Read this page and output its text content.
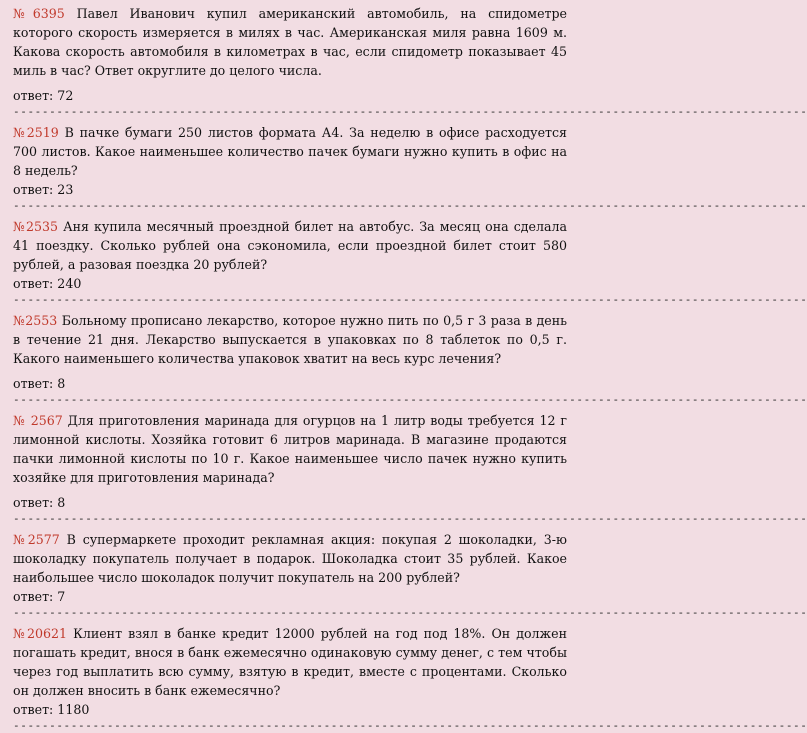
№6395 Павел Иванович купил американский автомобиль, на спидометре которого скорость измеряется в милях в час. Американская миля равна 1609 м. Какова скорость автомобиля в километрах в час, если спидометр показывает 45 миль в час? Ответ округлите до целого числа.

ответ: 72

--------------------------------------------------------------------------------------------------------------

№2519 В пачке бумаги 250 листов формата А4. За неделю в офисе расходуется 700 листов. Какое наименьшее количество пачек бумаги нужно купить в офис на 8 недель?

ответ: 23

--------------------------------------------------------------------------------------------------------------

№2535 Аня купила месячный проездной билет на автобус. За месяц она сделала 41 поездку. Сколько рублей она сэкономила, если проездной билет стоит 580 рублей, а разовая поездка 20 рублей?

ответ: 240

--------------------------------------------------------------------------------------------------------------

№2553 Больному прописано лекарство, которое нужно пить по 0,5 г 3 раза в день в течение 21 дня. Лекарство выпускается в упаковках по 8 таблеток по 0,5 г. Какого наименьшего количества упаковок хватит на весь курс лечения?

ответ: 8

--------------------------------------------------------------------------------------------------------------

№ 2567 Для приготовления маринада для огурцов на 1 литр воды требуется 12 г лимонной кислоты. Хозяйка готовит 6 литров маринада. В магазине продаются пачки лимонной кислоты по 10 г. Какое наименьшее число пачек нужно купить хозяйке для приготовления маринада?

ответ: 8

--------------------------------------------------------------------------------------------------------------

№2577 В супермаркете проходит рекламная акция: покупая 2 шоколадки, 3-ю шоколадку покупатель получает в подарок. Шоколадка стоит 35 рублей. Какое наибольшее число шоколадок получит покупатель на 200 рублей?

ответ: 7

--------------------------------------------------------------------------------------------------------------

№20621 Клиент взял в банке кредит 12000 рублей на год под 18%. Он должен погашать кредит, внося в банк ежемесячно одинаковую сумму денег, с тем чтобы через год выплатить всю сумму, взятую в кредит, вместе с процентами. Сколько он должен вносить в банк ежемесячно?

ответ: 1180

--------------------------------------------------------------------------------------------------------------
